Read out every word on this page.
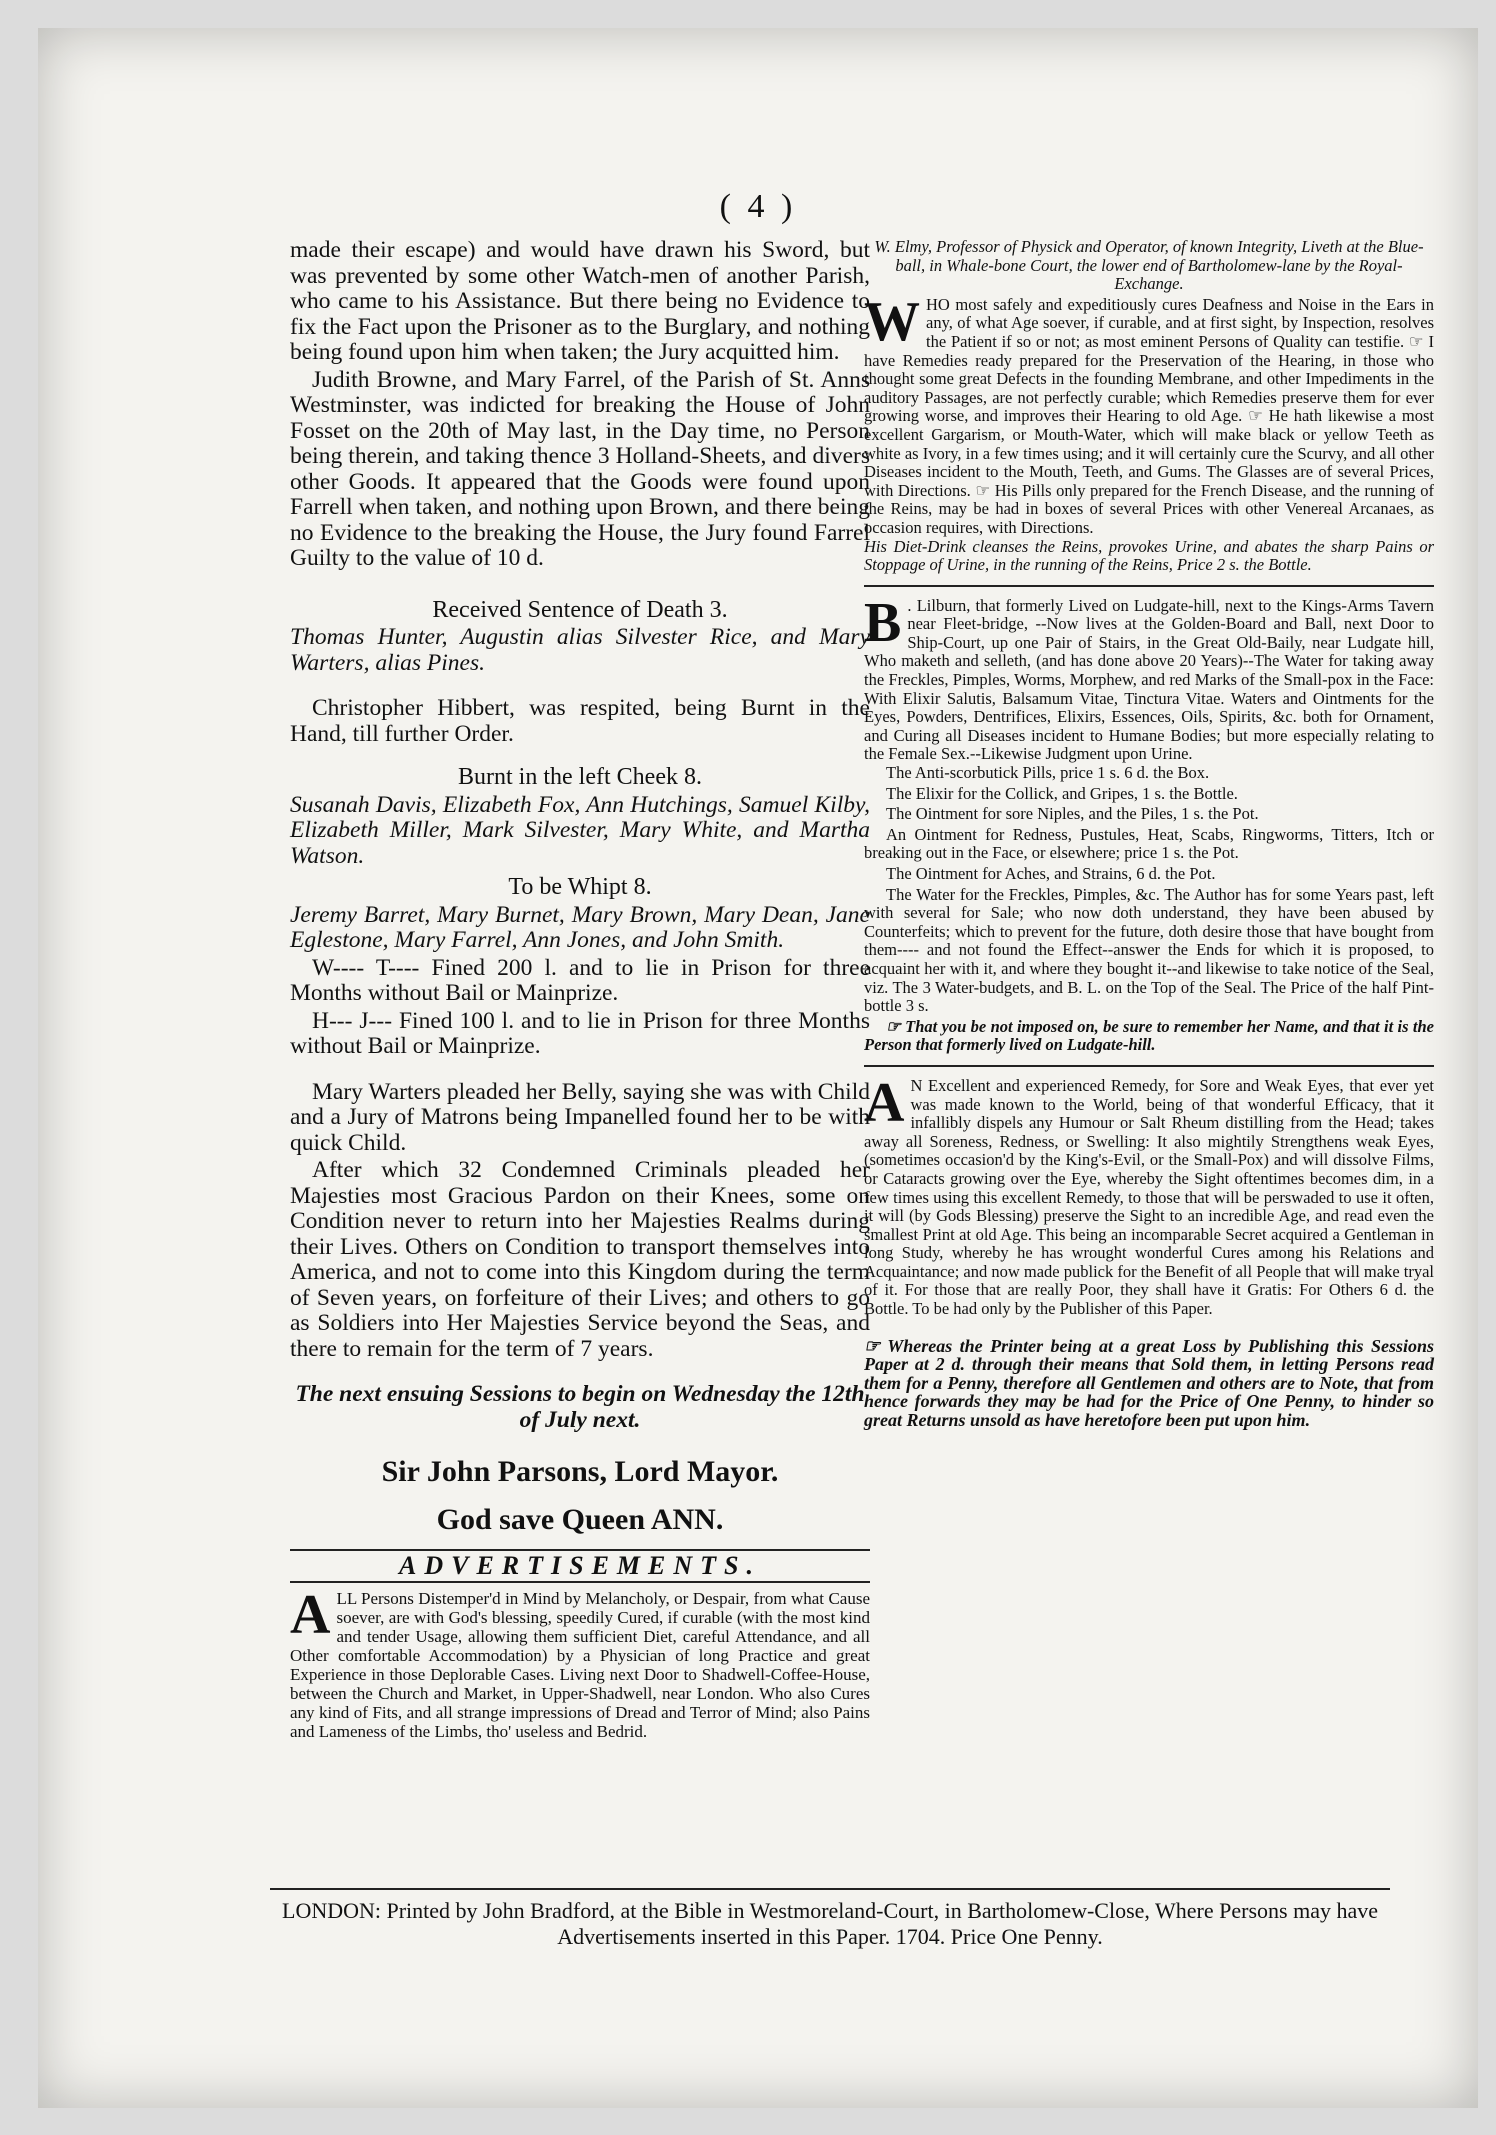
( 4 )

made their escape) and would have drawn his Sword, but was prevented by some other Watch-men of another Parish, who came to his Assistance. But there being no Evidence to fix the Fact upon the Prisoner as to the Burglary, and nothing being found upon him when taken; the Jury acquitted him.

Judith Browne, and Mary Farrel, of the Parish of St. Anns Westminster, was indicted for breaking the House of John Fosset on the 20th of May last, in the Day time, no Person being therein, and taking thence 3 Holland-Sheets, and divers other Goods. It appeared that the Goods were found upon Farrell when taken, and nothing upon Brown, and there being no Evidence to the breaking the House, the Jury found Farrel Guilty to the value of 10 d.

Received Sentence of Death 3.

Thomas Hunter, Augustin alias Silvester Rice, and Mary Warters, alias Pines.

Christopher Hibbert, was respited, being Burnt in the Hand, till further Order.

Burnt in the left Cheek 8.

Susanah Davis, Elizabeth Fox, Ann Hutchings, Samuel Kilby, Elizabeth Miller, Mark Silvester, Mary White, and Martha Watson.

To be Whipt 8.

Jeremy Barret, Mary Burnet, Mary Brown, Mary Dean, Jane Eglestone, Mary Farrel, Ann Jones, and John Smith.

W---- T---- Fined 200 l. and to lie in Prison for three Months without Bail or Mainprize.

H--- J--- Fined 100 l. and to lie in Prison for three Months without Bail or Mainprize.

Mary Warters pleaded her Belly, saying she was with Child and a Jury of Matrons being Impanelled found her to be with quick Child.

After which 32 Condemned Criminals pleaded her Majesties most Gracious Pardon on their Knees, some on Condition never to return into her Majesties Realms during their Lives. Others on Condition to transport themselves into America, and not to come into this Kingdom during the term of Seven years, on forfeiture of their Lives; and others to go as Soldiers into Her Majesties Service beyond the Seas, and there to remain for the term of 7 years.

The next ensuing Sessions to begin on Wednesday the 12th of July next.

Sir John Parsons, Lord Mayor.
God save Queen ANN.
ADVERTISEMENTS.
ALL Persons Distemper'd in Mind by Melancholy, or Despair, from what Cause soever, are with God's blessing, speedily Cured, if curable (with the most kind and tender Usage, allowing them sufficient Diet, careful Attendance, and all Other comfortable Accommodation) by a Physician of long Practice and great Experience in those Deplorable Cases. Living next Door to Shadwell-Coffee-House, between the Church and Market, in Upper-Shadwell, near London. Who also Cures any kind of Fits, and all strange impressions of Dread and Terror of Mind; also Pains and Lameness of the Limbs, tho' useless and Bedrid.

W. Elmy, Professor of Physick and Operator, of known Integrity, Liveth at the Blue-ball, in Whale-bone Court, the lower end of Bartholomew-lane by the Royal-Exchange.

WHO most safely and expeditiously cures Deafness and Noise in the Ears in any, of what Age soever, if curable, and at first sight, by Inspection, resolves the Patient if so or not; as most eminent Persons of Quality can testifie. ☞ I have Remedies ready prepared for the Preservation of the Hearing, in those who thought some great Defects in the founding Membrane, and other Impediments in the auditory Passages, are not perfectly curable; which Remedies preserve them for ever growing worse, and improves their Hearing to old Age. ☞ He hath likewise a most excellent Gargarism, or Mouth-Water, which will make black or yellow Teeth as white as Ivory, in a few times using; and it will certainly cure the Scurvy, and all other Diseases incident to the Mouth, Teeth, and Gums. The Glasses are of several Prices, with Directions. ☞ His Pills only prepared for the French Disease, and the running of the Reins, may be had in boxes of several Prices with other Venereal Arcanaes, as occasion requires, with Directions.

His Diet-Drink cleanses the Reins, provokes Urine, and abates the sharp Pains or Stoppage of Urine, in the running of the Reins, Price 2 s. the Bottle.

B . Lilburn, that formerly Lived on Ludgate-hill, next to the Kings-Arms Tavern near Fleet-bridge, --Now lives at the Golden-Board and Ball, next Door to Ship-Court, up one Pair of Stairs, in the Great Old-Baily, near Ludgate hill, Who maketh and selleth, (and has done above 20 Years)--The Water for taking away the Freckles, Pimples, Worms, Morphew, and red Marks of the Small-pox in the Face: With Elixir Salutis, Balsamum Vitae, Tinctura Vitae. Waters and Ointments for the Eyes, Powders, Dentrifices, Elixirs, Essences, Oils, Spirits, &c. both for Ornament, and Curing all Diseases incident to Humane Bodies; but more especially relating to the Female Sex.--Likewise Judgment upon Urine.

The Anti-scorbutick Pills, price 1 s. 6 d. the Box.

The Elixir for the Collick, and Gripes, 1 s. the Bottle.

The Ointment for sore Niples, and the Piles, 1 s. the Pot.

An Ointment for Redness, Pustules, Heat, Scabs, Ringworms, Titters, Itch or breaking out in the Face, or elsewhere; price 1 s. the Pot.

The Ointment for Aches, and Strains, 6 d. the Pot.

The Water for the Freckles, Pimples, &c. The Author has for some Years past, left with several for Sale; who now doth understand, they have been abused by Counterfeits; which to prevent for the future, doth desire those that have bought from them---- and not found the Effect--answer the Ends for which it is proposed, to acquaint her with it, and where they bought it--and likewise to take notice of the Seal, viz. The 3 Water-budgets, and B. L. on the Top of the Seal. The Price of the half Pint-bottle 3 s.

☞ That you be not imposed on, be sure to remember her Name, and that it is the Person that formerly lived on Ludgate-hill.

A N Excellent and experienced Remedy, for Sore and Weak Eyes, that ever yet was made known to the World, being of that wonderful Efficacy, that it infallibly dispels any Humour or Salt Rheum distilling from the Head; takes away all Soreness, Redness, or Swelling: It also mightily Strengthens weak Eyes, (sometimes occasion'd by the King's-Evil, or the Small-Pox) and will dissolve Films, or Cataracts growing over the Eye, whereby the Sight oftentimes becomes dim, in a few times using this excellent Remedy, to those that will be perswaded to use it often, it will (by Gods Blessing) preserve the Sight to an incredible Age, and read even the smallest Print at old Age. This being an incomparable Secret acquired a Gentleman in long Study, whereby he has wrought wonderful Cures among his Relations and Acquaintance; and now made publick for the Benefit of all People that will make tryal of it. For those that are really Poor, they shall have it Gratis: For Others 6 d. the Bottle. To be had only by the Publisher of this Paper.

☞ Whereas the Printer being at a great Loss by Publishing this Sessions Paper at 2 d. through their means that Sold them, in letting Persons read them for a Penny, therefore all Gentlemen and others are to Note, that from hence forwards they may be had for the Price of One Penny, to hinder so great Returns unsold as have heretofore been put upon him.

LONDON: Printed by John Bradford, at the Bible in Westmoreland-Court, in Bartholomew-Close, Where Persons may have Advertisements inserted in this Paper. 1704. Price One Penny.
